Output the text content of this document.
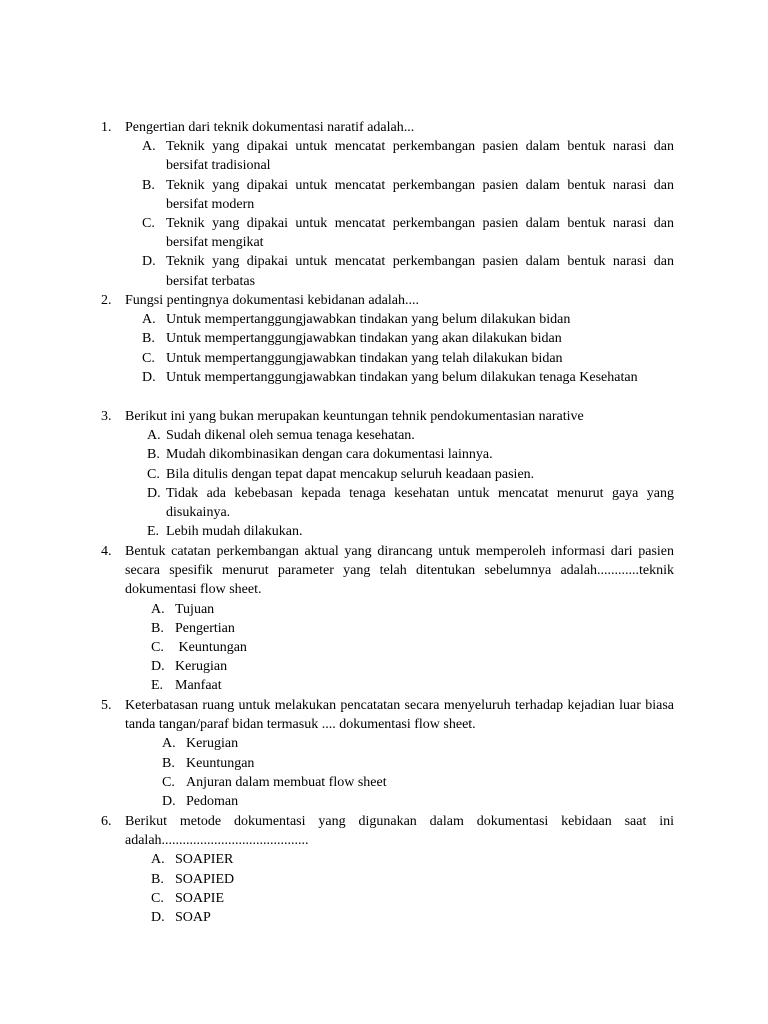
1. Pengertian dari teknik dokumentasi naratif adalah...
A. Teknik yang dipakai untuk mencatat perkembangan pasien dalam bentuk narasi dan bersifat tradisional
B. Teknik yang dipakai untuk mencatat perkembangan pasien dalam bentuk narasi dan bersifat modern
C. Teknik yang dipakai untuk mencatat perkembangan pasien dalam bentuk narasi dan bersifat mengikat
D. Teknik yang dipakai untuk mencatat perkembangan pasien dalam bentuk narasi dan bersifat terbatas
2. Fungsi pentingnya dokumentasi kebidanan adalah....
A. Untuk mempertanggungjawabkan tindakan yang belum dilakukan bidan
B. Untuk mempertanggungjawabkan tindakan yang akan dilakukan bidan
C. Untuk mempertanggungjawabkan tindakan yang telah dilakukan bidan
D. Untuk mempertanggungjawabkan tindakan yang belum dilakukan tenaga Kesehatan
3. Berikut ini yang bukan merupakan keuntungan tehnik pendokumentasian narative
A. Sudah dikenal oleh semua tenaga kesehatan.
B. Mudah dikombinasikan dengan cara dokumentasi lainnya.
C. Bila ditulis dengan tepat dapat mencakup seluruh keadaan pasien.
D. Tidak ada kebebasan kepada tenaga kesehatan untuk mencatat menurut gaya yang disukainya.
E. Lebih mudah dilakukan.
4. Bentuk catatan perkembangan aktual yang dirancang untuk memperoleh informasi dari pasien secara spesifik menurut parameter yang telah ditentukan sebelumnya adalah............teknik dokumentasi flow sheet.
A. Tujuan
B. Pengertian
C. Keuntungan
D. Kerugian
E. Manfaat
5. Keterbatasan ruang untuk melakukan pencatatan secara menyeluruh terhadap kejadian luar biasa tanda tangan/paraf bidan termasuk .... dokumentasi flow sheet.
A. Kerugian
B. Keuntungan
C. Anjuran dalam membuat flow sheet
D. Pedoman
6. Berikut metode dokumentasi yang digunakan dalam dokumentasi kebidaan saat ini adalah..........................................
A. SOAPIER
B. SOAPIED
C. SOAPIE
D. SOAP
